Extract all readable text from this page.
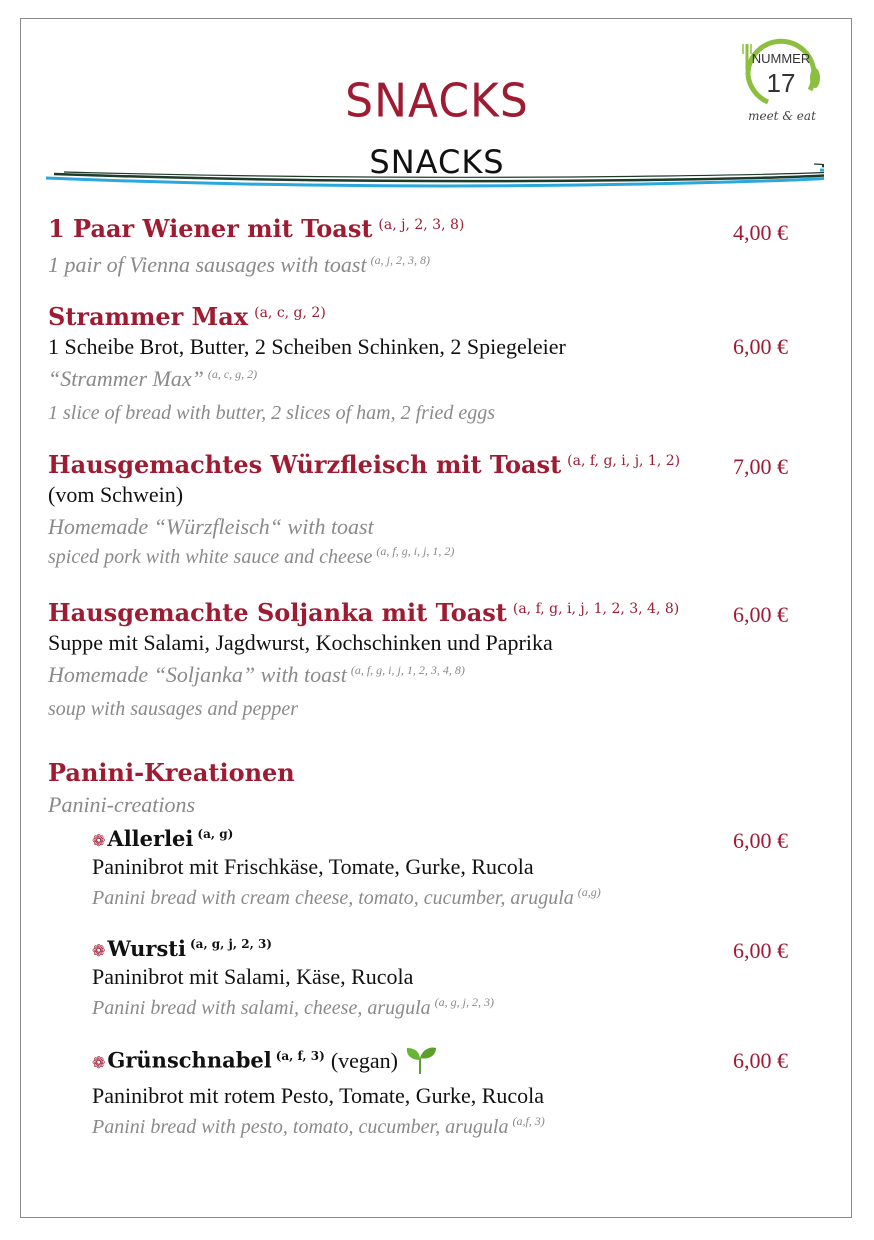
NUMMER
17
meet & eat
SNACKS
SNACKS
4,00 €
1 Paar Wiener mit Toast (a, j, 2, 3, 8)
1 pair of Vienna sausages with toast $^{(a, j, 2, 3, 8)}$
Strammer Max (a, c, g, 2)
1 Scheibe Brot, Butter, 2 Scheiben Schinken, 2 Spiegeleier	6,00 €
“Strammer Max” $^{(a, c, g, 2)}$
1 slice of bread with butter, 2 slices of ham, 2 fried eggs
7,00 €
Hausgemachtes Würzfleisch mit Toast (a, f, g, i, j, 1, 2)
(vom Schwein)
Homemade “Würzfleisch“ with toast
spiced pork with white sauce and cheese $^{(a, f, g, i, j, 1, 2)}$
6,00 €
Hausgemachte Soljanka mit Toast (a, f, g, i, j, 1, 2, 3, 4, 8)
Suppe mit Salami, Jagdwurst, Kochschinken und Paprika
Homemade “Soljanka” with toast $^{(a, f, g, i, j, 1, 2, 3, 4, 8)}$
soup with sausages and pepper
Panini-Kreationen
Panini-creations
6,00 €
❁Allerlei $^{(a, g)}$
Paninibrot mit Frischkäse, Tomate, Gurke, Rucola
Panini bread with cream cheese, tomato, cucumber, arugula $^{(a,g)}$
6,00 €
❁Wursti $^{(a, g, j, 2, 3)}$
Paninibrot mit Salami, Käse, Rucola
Panini bread with salami, cheese, arugula $^{(a, g, j, 2, 3)}$
6,00 €
❁Grünschnabel $^{(a, f, 3)}$ (vegan)
Paninibrot mit rotem Pesto, Tomate, Gurke, Rucola
Panini bread with pesto, tomato, cucumber, arugula $^{(a,f, 3)}$
